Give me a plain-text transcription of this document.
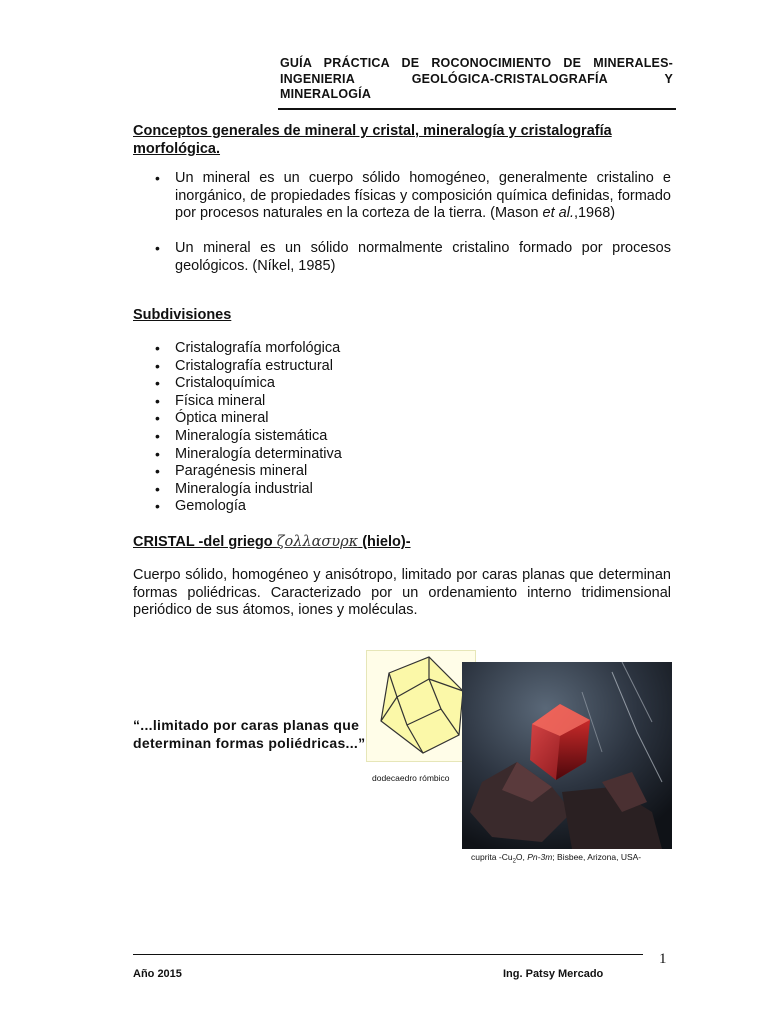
GUÍA PRÁCTICA DE ROCONOCIMIENTO DE MINERALES-
INGENIERIA GEOLÓGICA-CRISTALOGRAFÍA Y
MINERALOGÍA
Conceptos generales de mineral y cristal, mineralogía y cristalografía
morfológica.
•	Un mineral es un cuerpo sólido homogéneo, generalmente cristalino e inorgánico, de propiedades físicas y composición química definidas, formado por procesos naturales en la corteza de la tierra. (Mason et al.,1968)
•	Un mineral es un sólido normalmente cristalino formado por procesos geológicos. (Níkel, 1985)
Subdivisiones
• Cristalografía morfológica
• Cristalografía estructural
• Cristaloquímica
• Física mineral
• Óptica mineral
• Mineralogía sistemática
• Mineralogía determinativa
• Paragénesis mineral
• Mineralogía industrial
• Gemología
CRISTAL -del griego ζολλασυρκ (hielo)-
Cuerpo sólido, homogéneo y anisótropo, limitado por caras planas que determinan formas poliédricas. Caracterizado por un ordenamiento interno tridimensional periódico de sus átomos, iones y moléculas.
“...limitado por caras planas que
determinan formas poliédricas...”
dodecaedro rómbico
cuprita $-Cu_2O$, Pn-3m; Bisbee, Arizona, USA-
1
Año 2015	Ing. Patsy Mercado
